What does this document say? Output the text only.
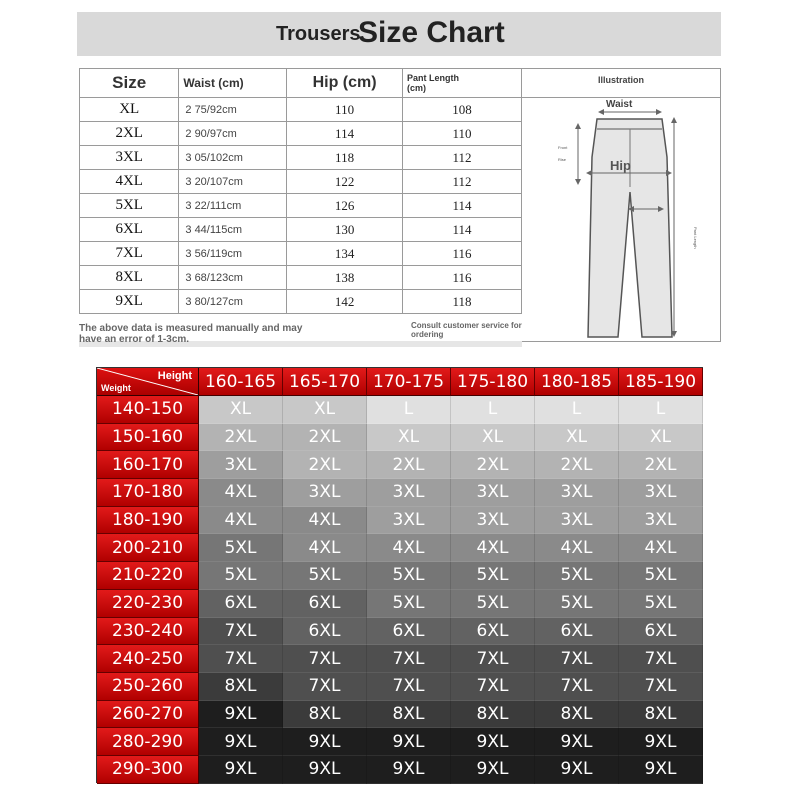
Trousers
Size Chart
Size	Waist (cm)	Hip (cm)	Pant Length
(cm)
XL	2 75/92cm	110	108
2XL	2 90/97cm	114	110
3XL	3 05/102cm	118	112
4XL	3 20/107cm	122	112
5XL	3 22/111cm	126	114
6XL	3 44/115cm	130	114
7XL	3 56/119cm	134	116
8XL	3 68/123cm	138	116
9XL	3 80/127cm	142	118
Illustration
Front
Rise
Pant Length
Waist
Hip
The above data is measured manually and may have an error of 1-3cm.
Consult customer service for ordering
Height
Weight	160-165 165-170 170-175 175-180 180-185 185-190
140-150	XL	XL	L	L	L	L
150-160	2XL	2XL	XL	XL	XL	XL
160-170	3XL	2XL	2XL	2XL	2XL	2XL
170-180	4XL	3XL	3XL	3XL	3XL	3XL
180-190	4XL	4XL	3XL	3XL	3XL	3XL
200-210	5XL	4XL	4XL	4XL	4XL	4XL
210-220	5XL	5XL	5XL	5XL	5XL	5XL
220-230	6XL	6XL	5XL	5XL	5XL	5XL
230-240	7XL	6XL	6XL	6XL	6XL	6XL
240-250	7XL	7XL	7XL	7XL	7XL	7XL
250-260	8XL	7XL	7XL	7XL	7XL	7XL
260-270	9XL	8XL	8XL	8XL	8XL	8XL
280-290	9XL	9XL	9XL	9XL	9XL	9XL
290-300	9XL	9XL	9XL	9XL	9XL	9XL
